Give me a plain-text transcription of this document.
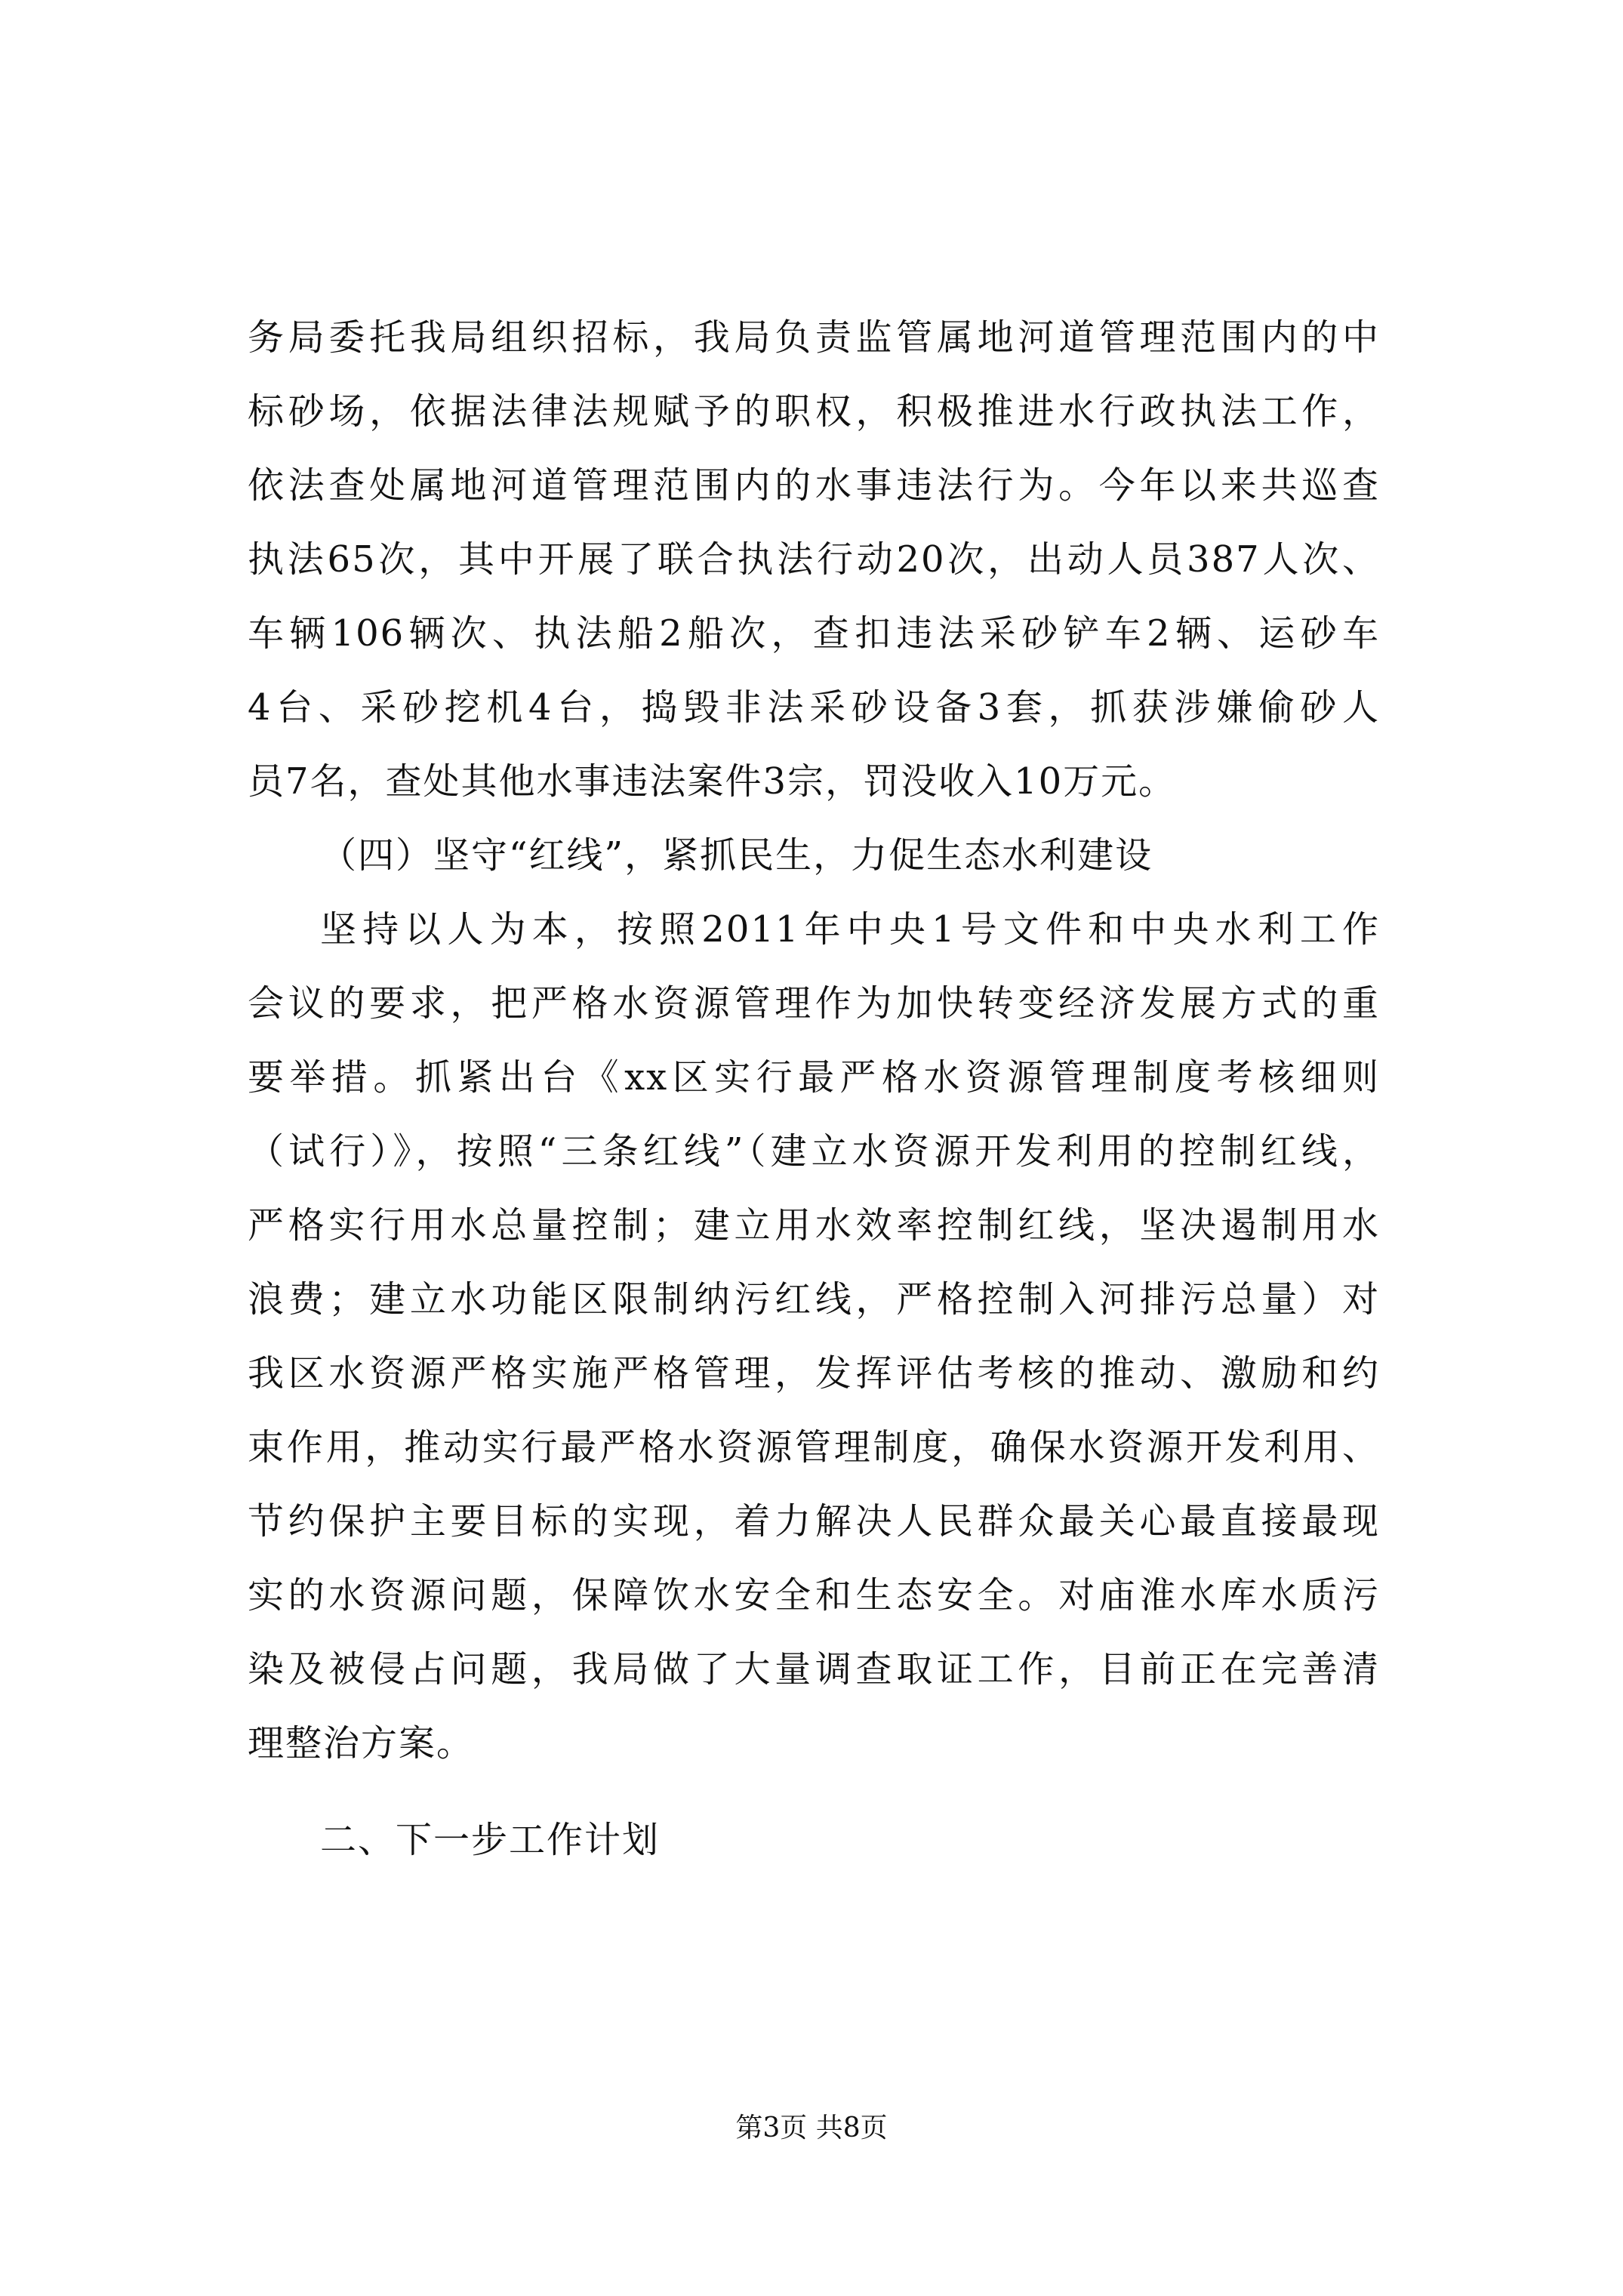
务局委托我局组织招标，我局负责监管属地河道管理范围内的中
标砂场，依据法律法规赋予的职权，积极推进水行政执法工作，
依法查处属地河道管理范围内的水事违法行为。今年以来共巡查
执法65次，其中开展了联合执法行动20次，出动人员387人次、
车辆106辆次、执法船2船次，查扣违法采砂铲车2辆、运砂车
4台、采砂挖机4台，捣毁非法采砂设备3套，抓获涉嫌偷砂人
员7名，查处其他水事违法案件3宗，罚没收入10万元。
（四）坚守“红线”，紧抓民生，力促生态水利建设
坚持以人为本，按照2011年中央1号文件和中央水利工作
会议的要求，把严格水资源管理作为加快转变经济发展方式的重
要举措。抓紧出台《xx区实行最严格水资源管理制度考核细则
（试行）》，按照“三条红线”（建立水资源开发利用的控制红线，
严格实行用水总量控制；建立用水效率控制红线，坚决遏制用水
浪费；建立水功能区限制纳污红线，严格控制入河排污总量）对
我区水资源严格实施严格管理，发挥评估考核的推动、激励和约
束作用，推动实行最严格水资源管理制度，确保水资源开发利用、
节约保护主要目标的实现，着力解决人民群众最关心最直接最现
实的水资源问题，保障饮水安全和生态安全。对庙淮水库水质污
染及被侵占问题，我局做了大量调查取证工作，目前正在完善清
理整治方案。
二、下一步工作计划
第3页 共8页
